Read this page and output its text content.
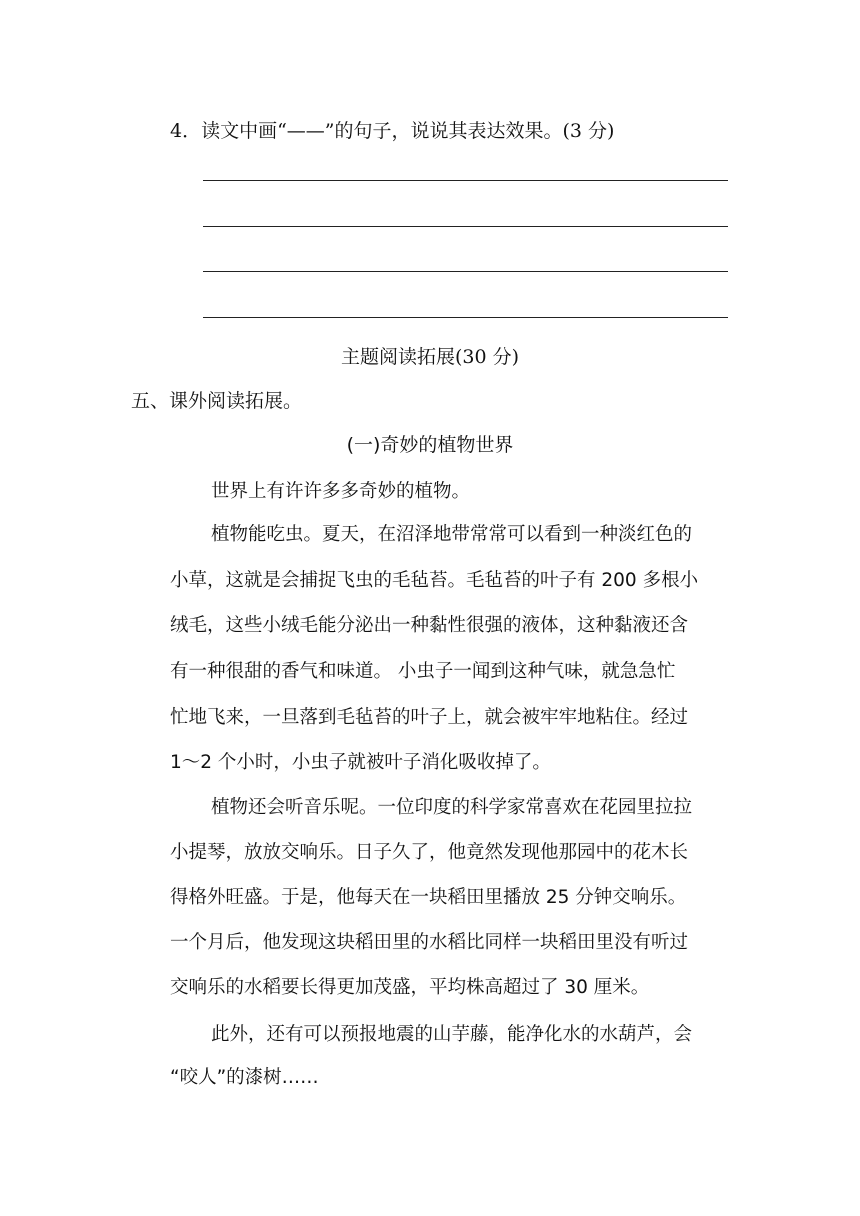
4．读文中画“——”的句子，说说其表达效果。(3 分)
主题阅读拓展(30 分)
五、课外阅读拓展。
(一)奇妙的植物世界
世界上有许许多多奇妙的植物。
植物能吃虫。夏天，在沼泽地带常常可以看到一种淡红色的
小草，这就是会捕捉飞虫的毛毡苔。毛毡苔的叶子有 200 多根小
绒毛，这些小绒毛能分泌出一种黏性很强的液体，这种黏液还含
有一种很甜的香气和味道。 小虫子一闻到这种气味，就急急忙
忙地飞来，一旦落到毛毡苔的叶子上，就会被牢牢地粘住。经过
1～2 个小时，小虫子就被叶子消化吸收掉了。
植物还会听音乐呢。一位印度的科学家常喜欢在花园里拉拉
小提琴，放放交响乐。日子久了，他竟然发现他那园中的花木长
得格外旺盛。于是，他每天在一块稻田里播放 25 分钟交响乐。
一个月后，他发现这块稻田里的水稻比同样一块稻田里没有听过
交响乐的水稻要长得更加茂盛，平均株高超过了 30 厘米。
此外，还有可以预报地震的山芋藤，能净化水的水葫芦，会
“咬人”的漆树……
